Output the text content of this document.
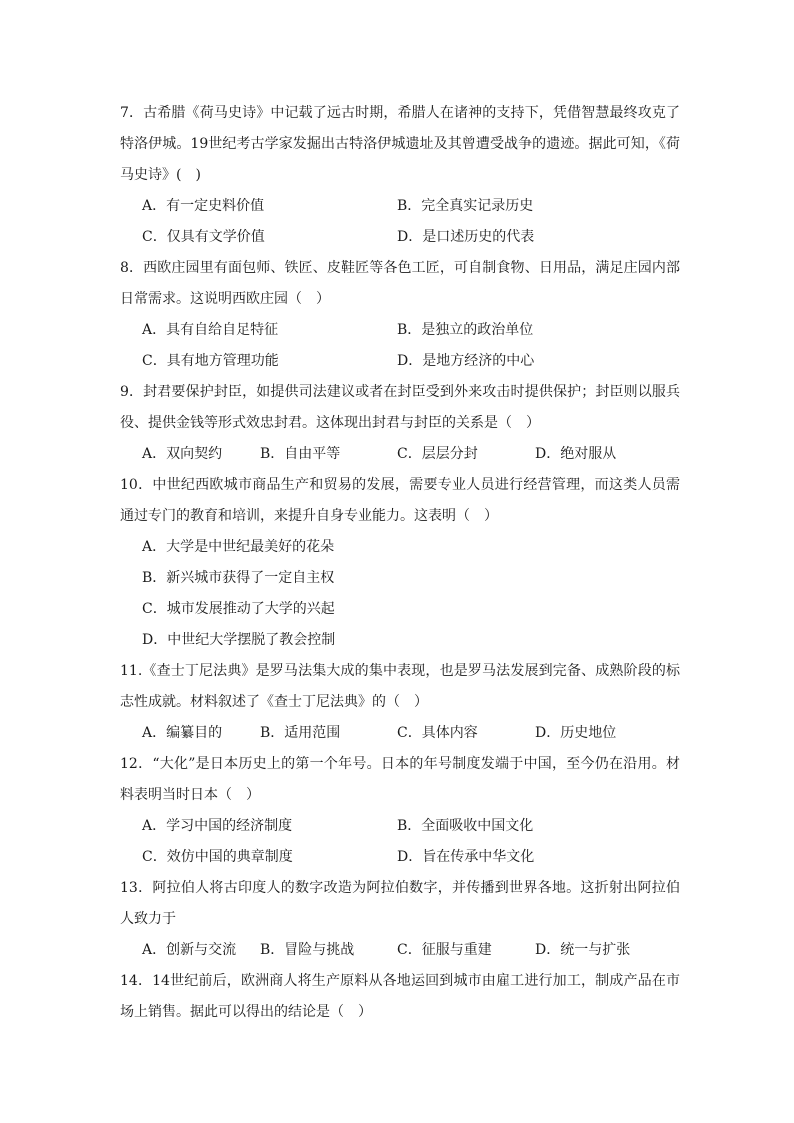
7．古希腊《荷马史诗》中记载了远古时期，希腊人在诸神的支持下，凭借智慧最终攻克了特洛伊城。19世纪考古学家发掘出古特洛伊城遗址及其曾遭受战争的遗迹。据此可知，《荷马史诗》(　)
A．有一定史料价值	B．完全真实记录历史
C．仅具有文学价值	D．是口述历史的代表
8．西欧庄园里有面包师、铁匠、皮鞋匠等各色工匠，可自制食物、日用品，满足庄园内部日常需求。这说明西欧庄园（　）
A．具有自给自足特征	B．是独立的政治单位
C．具有地方管理功能	D．是地方经济的中心
9．封君要保护封臣，如提供司法建议或者在封臣受到外来攻击时提供保护；封臣则以服兵役、提供金钱等形式效忠封君。这体现出封君与封臣的关系是（　）
A．双向契约	B．自由平等	C．层层分封	D．绝对服从
10．中世纪西欧城市商品生产和贸易的发展，需要专业人员进行经营管理，而这类人员需通过专门的教育和培训，来提升自身专业能力。这表明（　）
A．大学是中世纪最美好的花朵
B．新兴城市获得了一定自主权
C．城市发展推动了大学的兴起
D．中世纪大学摆脱了教会控制
11.《查士丁尼法典》是罗马法集大成的集中表现，也是罗马法发展到完备、成熟阶段的标志性成就。材料叙述了《查士丁尼法典》的（　）
A．编纂目的	B．适用范围	C．具体内容	D．历史地位
12．“大化”是日本历史上的第一个年号。日本的年号制度发端于中国，至今仍在沿用。材料表明当时日本（　）
A．学习中国的经济制度	B．全面吸收中国文化
C．效仿中国的典章制度	D．旨在传承中华文化
13．阿拉伯人将古印度人的数字改造为阿拉伯数字，并传播到世界各地。这折射出阿拉伯人致力于
A．创新与交流 B．冒险与挑战	C．征服与重建	D．统一与扩张
14．14世纪前后，欧洲商人将生产原料从各地运回到城市由雇工进行加工，制成产品在市场上销售。据此可以得出的结论是（　）
